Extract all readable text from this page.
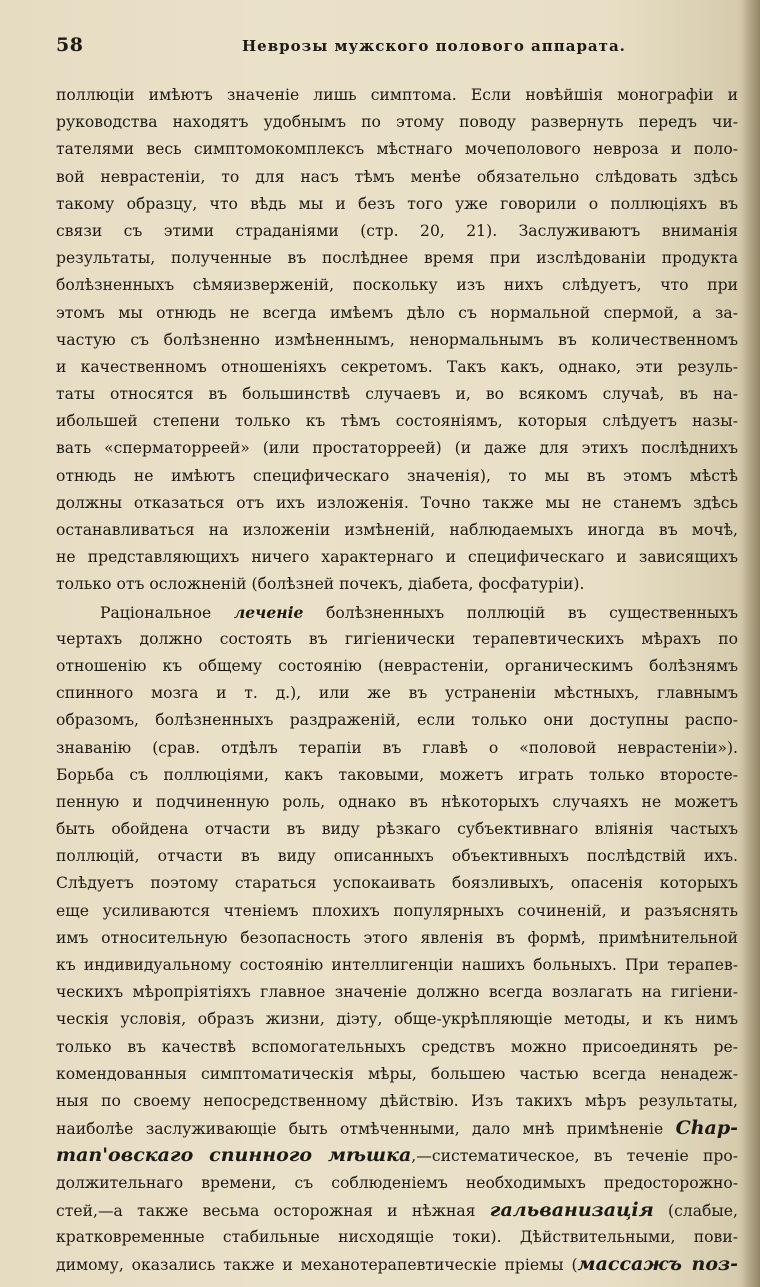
58	Неврозы мужского полового аппарата.
поллюціи имѣютъ значеніе лишь симптома. Если новѣйшія монографіи и
руководства находятъ удобнымъ по этому поводу развернуть передъ чи-
тателями весь симптомокомплексъ мѣстнаго мочеполового невроза и поло-
вой неврастеніи, то для насъ тѣмъ менѣе обязательно слѣдовать здѣсь
такому образцу, что вѣдь мы и безъ того уже говорили о поллюціяхъ въ
связи съ этими страданіями (стр. 20, 21). Заслуживаютъ вниманія
результаты, полученные въ послѣднее время при изслѣдованіи продукта
болѣзненныхъ сѣмяизверженій, поскольку изъ нихъ слѣдуетъ, что при
этомъ мы отнюдь не всегда имѣемъ дѣло съ нормальной спермой, а за-
частую съ болѣзненно измѣненнымъ, ненормальнымъ въ количественномъ
и качественномъ отношеніяхъ секретомъ. Такъ какъ, однако, эти резуль-
таты относятся въ большинствѣ случаевъ и, во всякомъ случаѣ, въ на-
ибольшей степени только къ тѣмъ состояніямъ, которыя слѣдуетъ назы-
вать «сперматорреей» (или простаторреей) (и даже для этихъ послѣднихъ
отнюдь не имѣютъ специфическаго значенія), то мы въ этомъ мѣстѣ
должны отказаться отъ ихъ изложенія. Точно также мы не станемъ здѣсь
останавливаться на изложеніи измѣненій, наблюдаемыхъ иногда въ мочѣ,
не представляющихъ ничего характернаго и специфическаго и зависящихъ
только отъ осложненій (болѣзней почекъ, діабета, фосфатуріи).
Раціональное леченіе болѣзненныхъ поллюцій въ существенныхъ
чертахъ должно состоять въ гигіенически терапевтическихъ мѣрахъ по
отношенію къ общему состоянію (неврастеніи, органическимъ болѣзнямъ
спинного мозга и т. д.), или же въ устраненіи мѣстныхъ, главнымъ
образомъ, болѣзненныхъ раздраженій, если только они доступны распо-
знаванію (срав. отдѣлъ терапіи въ главѣ о «половой неврастеніи»).
Борьба съ поллюціями, какъ таковыми, можетъ играть только второсте-
пенную и подчиненную роль, однако въ нѣкоторыхъ случаяхъ не можетъ
быть обойдена отчасти въ виду рѣзкаго субъективнаго вліянія частыхъ
поллюцій, отчасти въ виду описанныхъ объективныхъ послѣдствій ихъ.
Слѣдуетъ поэтому стараться успокаивать боязливыхъ, опасенія которыхъ
еще усиливаются чтеніемъ плохихъ популярныхъ сочиненій, и разъяснять
имъ относительную безопасность этого явленія въ формѣ, примѣнительной
къ индивидуальному состоянію интеллигенціи нашихъ больныхъ. При терапев-
ческихъ мѣропріятіяхъ главное значеніе должно всегда возлагать на гигіени-
ческія условія, образъ жизни, діэту, обще-укрѣпляющіе методы, и къ нимъ
только въ качествѣ вспомогательныхъ средствъ можно присоединять ре-
комендованныя симптоматическія мѣры, большею частью всегда ненадеж-
ныя по своему непосредственному дѣйствію. Изъ такихъ мѣръ результаты,
наиболѣе заслуживающіе быть отмѣченными, дало мнѣ примѣненіе Chap-
man'овскаго спинного мѣшка,—систематическое, въ теченіе про-
должительнаго времени, съ соблюденіемъ необходимыхъ предосторожно-
стей,—а также весьма осторожная и нѣжная гальванизація (слабые,
кратковременные стабильные нисходящіе токи). Дѣйствительными, пови-
димому, оказались также и механотерапевтическіе пріемы (массажъ поз-
